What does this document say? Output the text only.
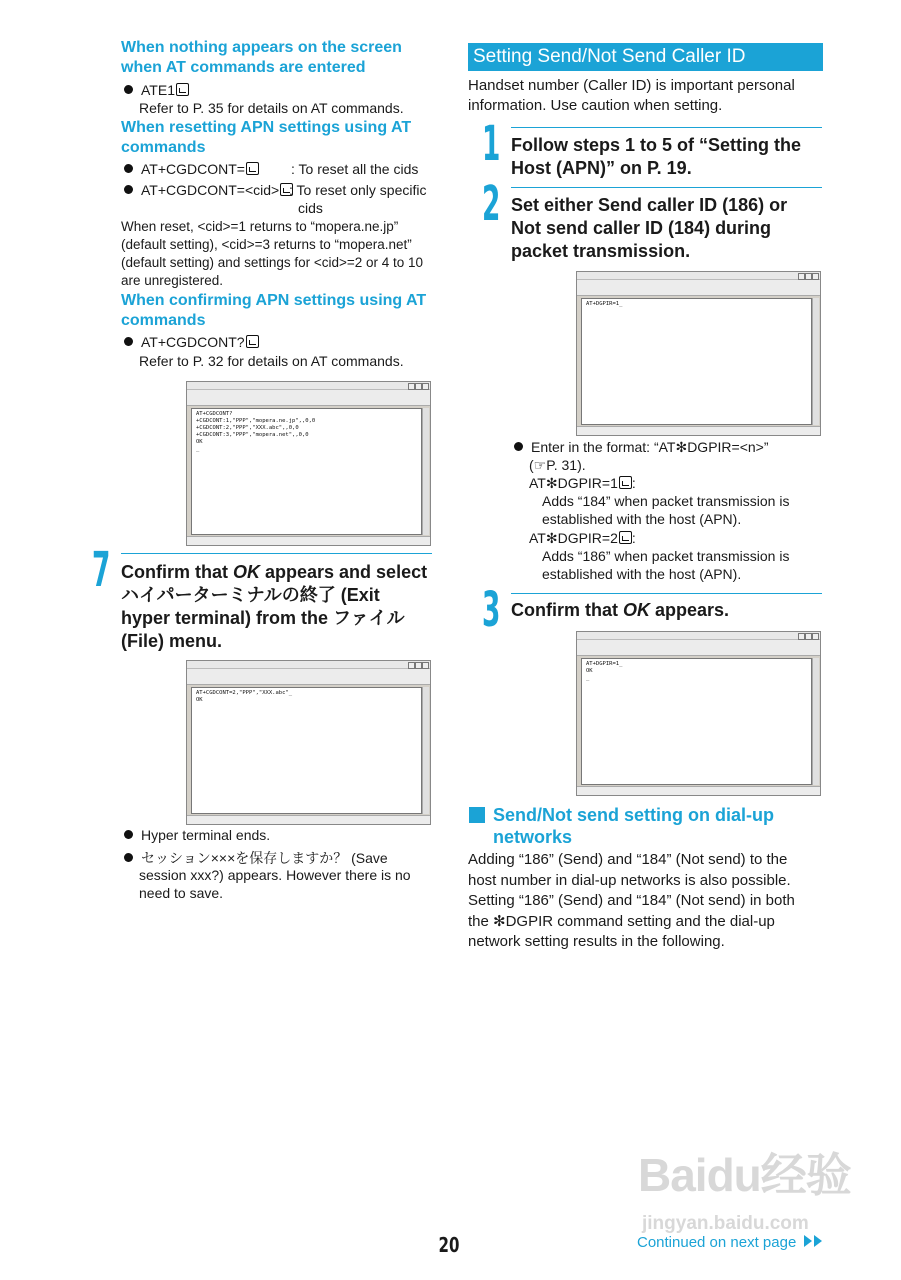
When nothing appears on the screen
when AT commands are entered
ATE1
Refer to P. 35 for details on AT commands.
When resetting APN settings using AT
commands
AT+CGDCONT=	: To reset all the cids
AT+CGDCONT=<cid> : To reset only specific
cids
When reset, <cid>=1 returns to “mopera.ne.jp”
(default setting), <cid>=3 returns to “mopera.net”
(default setting) and settings for <cid>=2 or 4 to 10
are unregistered.
When confirming APN settings using AT
commands
AT+CGDCONT?
Refer to P. 32 for details on AT commands.
AT+CGDCONT?
+CGDCONT:1,"PPP","mopera.ne.jp",,0,0
+CGDCONT:2,"PPP","XXX.abc",,0,0
+CGDCONT:3,"PPP","mopera.net",,0,0
OK
_
7 Confirm that OK appears and select
ハイパーターミナルの終了 (Exit
hyper terminal) from the ファイル
(File) menu.
AT+CGDCONT=2,"PPP","XXX.abc"_
OK
Hyper terminal ends.
セッション×××を保存しますか？ (Save
session xxx?) appears. However there is no
need to save.
Setting Send/Not Send Caller ID
Handset number (Caller ID) is important personal
information. Use caution when setting.
1 Follow steps 1 to 5 of “Setting the
Host (APN)” on P. 19.
2 Set either Send caller ID (186) or
Not send caller ID (184) during
packet transmission.
AT+DGPIR=1_
Enter in the format: “AT✻DGPIR=<n>”
(☞P. 31).
AT✻DGPIR=1 :
Adds “184” when packet transmission is
established with the host (APN).
AT✻DGPIR=2 :
Adds “186” when packet transmission is
established with the host (APN).
3 Confirm that OK appears.
AT+DGPIR=1_
OK
_
Send/Not send setting on dial-up
networks
Adding “186” (Send) and “184” (Not send) to the
host number in dial-up networks is also possible.
Setting “186” (Send) and “184” (Not send) in both
the ✻DGPIR command setting and the dial-up
network setting results in the following.
Baidu经验
jingyan.baidu.com
20	Continued on next page
